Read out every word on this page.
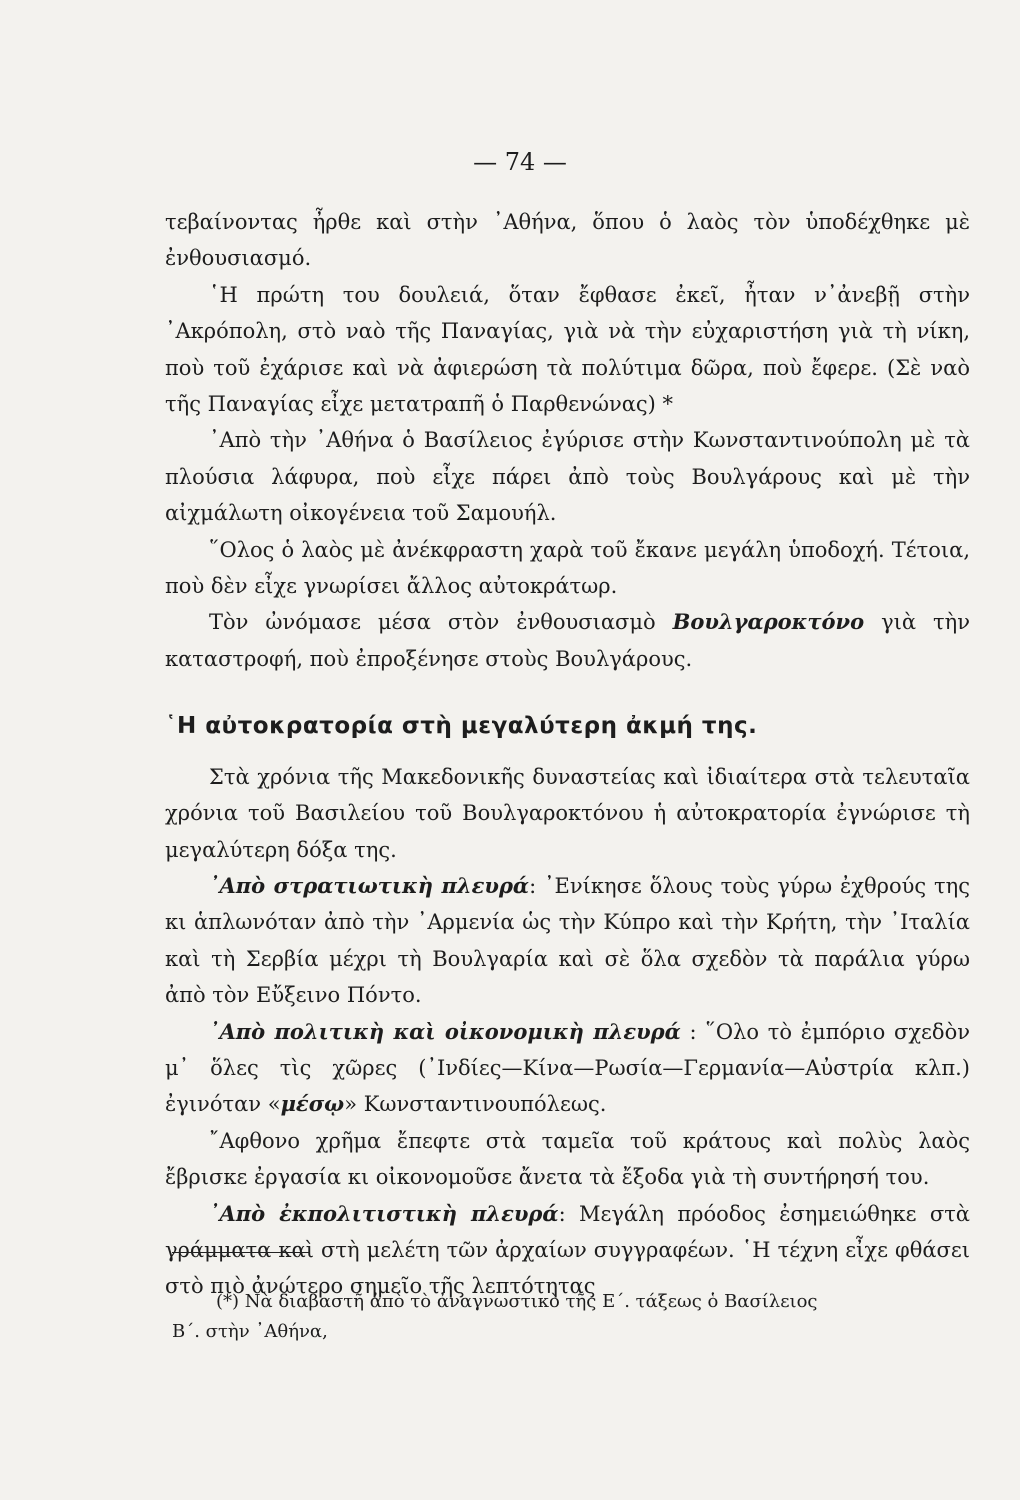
— 74 —

τεβαίνοντας ἦρθε καὶ στὴν ᾿Αθήνα, ὅπου ὁ λαὸς τὸν ὑποδέχθηκε μὲ ἐνθουσιασμό.

῾Η πρώτη του δουλειά, ὅταν ἔφθασε ἐκεῖ, ἦταν ν᾿ἀνεβῇ στὴν ᾿Ακρόπολη, στὸ ναὸ τῆς Παναγίας, γιὰ νὰ τὴν εὐχαριστήση γιὰ τὴ νίκη, ποὺ τοῦ ἐχάρισε καὶ νὰ ἀφιερώση τὰ πολύτιμα δῶρα, ποὺ ἔφερε. (Σὲ ναὸ τῆς Παναγίας εἶχε μετατραπῆ ὁ Παρθενώνας) *

᾿Απὸ τὴν ᾿Αθήνα ὁ Βασίλειος ἐγύρισε στὴν Κωνσταντινούπολη μὲ τὰ πλούσια λάφυρα, ποὺ εἶχε πάρει ἀπὸ τοὺς Βουλγάρους καὶ μὲ τὴν αἰχμάλωτη οἰκογένεια τοῦ Σαμουήλ.

῞Ολος ὁ λαὸς μὲ ἀνέκφραστη χαρὰ τοῦ ἔκανε μεγάλη ὑποδοχή. Τέτοια, ποὺ δὲν εἶχε γνωρίσει ἄλλος αὐτοκράτωρ.

Τὸν ὠνόμασε μέσα στὸν ἐνθουσιασμὸ Βουλγαροκτόνο γιὰ τὴν καταστροφή, ποὺ ἐπροξένησε στοὺς Βουλγάρους.

῾Η αὐτοκρατορία στὴ μεγαλύτερη ἀκμή της.

Στὰ χρόνια τῆς Μακεδονικῆς δυναστείας καὶ ἰδιαίτερα στὰ τελευταῖα χρόνια τοῦ Βασιλείου τοῦ Βουλγαροκτόνου ἡ αὐτοκρατορία ἐγνώρισε τὴ μεγαλύτερη δόξα της.

᾿Απὸ στρατιωτικὴ πλευρά: ᾿Ενίκησε ὅλους τοὺς γύρω ἐχθρούς της κι ἁπλωνόταν ἀπὸ τὴν ᾿Αρμενία ὡς τὴν Κύπρο καὶ τὴν Κρήτη, τὴν ᾿Ιταλία καὶ τὴ Σερβία μέχρι τὴ Βουλγαρία καὶ σὲ ὅλα σχεδὸν τὰ παράλια γύρω ἀπὸ τὸν Εὔξεινο Πόντο.

᾿Απὸ πολιτικὴ καὶ οἰκονομικὴ πλευρά : ῞Ολο τὸ ἐμπόριο σχεδὸν μ᾿ ὅλες τὶς χῶρες (᾿Ινδίες—Κίνα—Ρωσία—Γερμανία—Αὐστρία κλπ.) ἐγινόταν «μέσῳ» Κωνσταντινουπόλεως.

῎Αφθονο χρῆμα ἔπεφτε στὰ ταμεῖα τοῦ κράτους καὶ πολὺς λαὸς ἔβρισκε ἐργασία κι οἰκονομοῦσε ἄνετα τὰ ἔξοδα γιὰ τὴ συντήρησή του.

᾿Απὸ ἐκπολιτιστικὴ πλευρά: Μεγάλη πρόοδος ἐσημειώθηκε στὰ γράμματα καὶ στὴ μελέτη τῶν ἀρχαίων συγγραφέων. ῾Η τέχνη εἶχε φθάσει στὸ πιὸ ἀνώτερο σημεῖο τῆς λεπτότητας

(*) Νὰ διαβαστῆ ἀπὸ τὸ ἀναγνωστικὸ τῆς Ε΄. τάξεως ὁ Βασίλειος

Β΄. στὴν ᾿Αθήνα,
